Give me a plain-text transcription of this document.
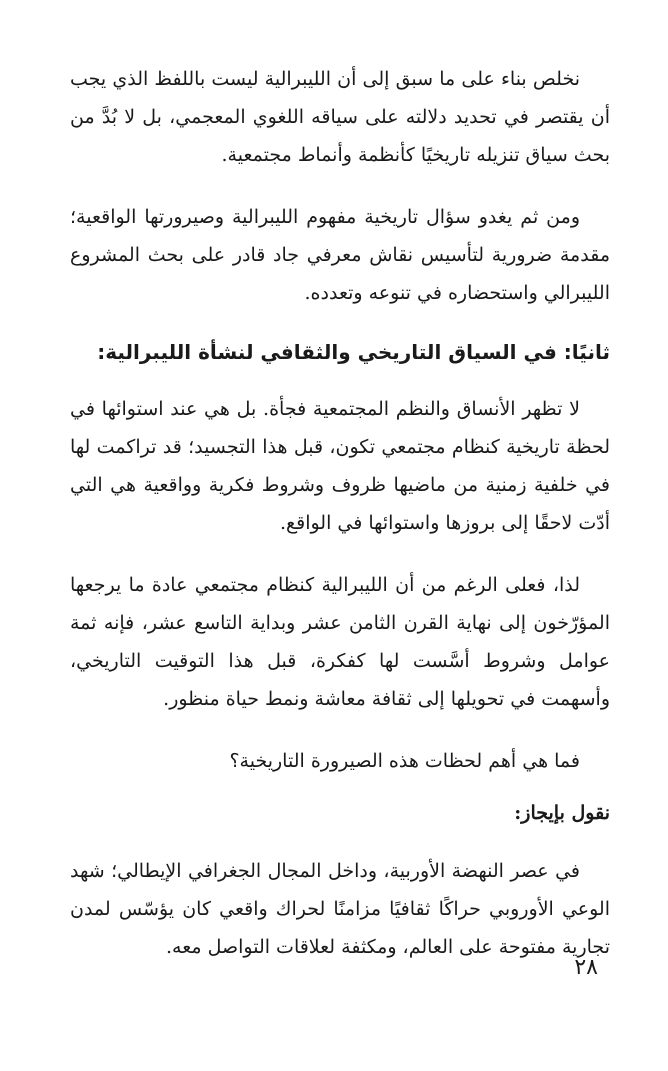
نخلص بناء على ما سبق إلى أن الليبرالية ليست باللفظ الذي يجب أن يقتصر في تحديد دلالته على سياقه اللغوي المعجمي، بل لا بُدَّ من بحث سياق تنزيله تاريخيًا كأنظمة وأنماط مجتمعية.

ومن ثم يغدو سؤال تاريخية مفهوم الليبرالية وصيرورتها الواقعية؛ مقدمة ضرورية لتأسيس نقاش معرفي جاد قادر على بحث المشروع الليبرالي واستحضاره في تنوعه وتعدده.

ثانيًا: في السياق التاريخي والثقافي لنشأة الليبرالية:

لا تظهر الأنساق والنظم المجتمعية فجأة. بل هي عند استوائها في لحظة تاريخية كنظام مجتمعي تكون، قبل هذا التجسيد؛ قد تراكمت لها في خلفية زمنية من ماضيها ظروف وشروط فكرية وواقعية هي التي أدّت لاحقًا إلى بروزها واستوائها في الواقع.

لذا، فعلى الرغم من أن الليبرالية كنظام مجتمعي عادة ما يرجعها المؤرّخون إلى نهاية القرن الثامن عشر وبداية التاسع عشر، فإنه ثمة عوامل وشروط أسَّست لها كفكرة، قبل هذا التوقيت التاريخي، وأسهمت في تحويلها إلى ثقافة معاشة ونمط حياة منظور.

فما هي أهم لحظات هذه الصيرورة التاريخية؟

نقول بإيجاز:

في عصر النهضة الأوربية، وداخل المجال الجغرافي الإيطالي؛ شهد الوعي الأوروبي حراكًا ثقافيًا مزامنًا لحراك واقعي كان يؤسّس لمدن تجارية مفتوحة على العالم، ومكثفة لعلاقات التواصل معه.

٢٨
